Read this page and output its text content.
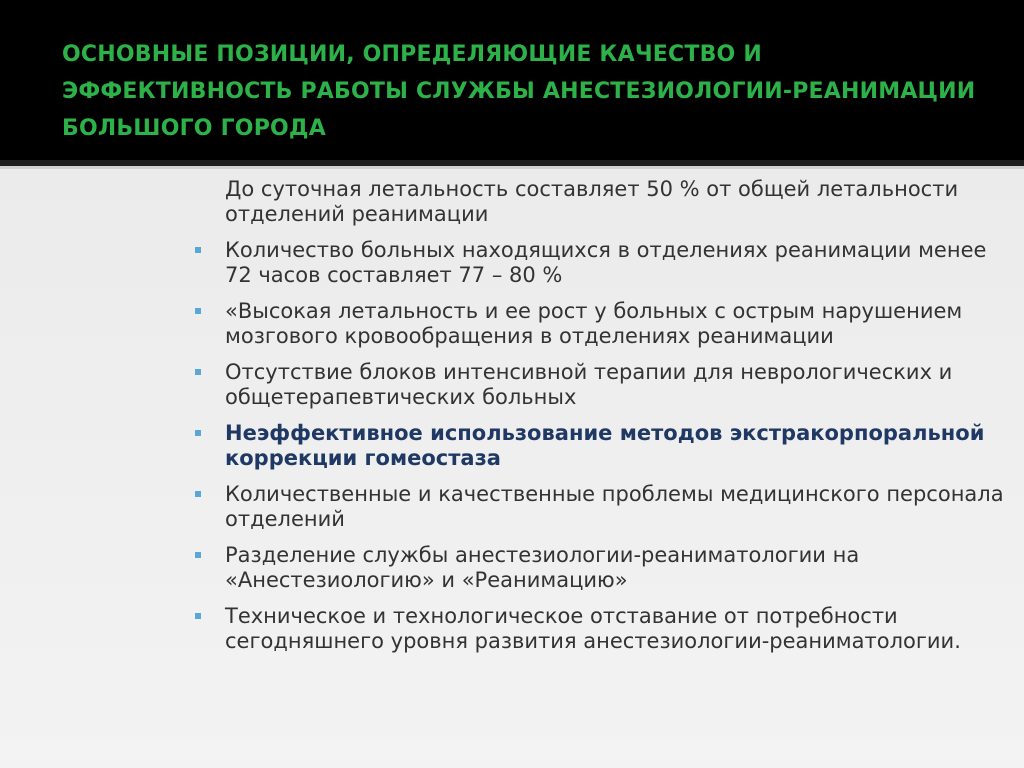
ОСНОВНЫЕ ПОЗИЦИИ, ОПРЕДЕЛЯЮЩИЕ КАЧЕСТВО И ЭФФЕКТИВНОСТЬ РАБОТЫ СЛУЖБЫ АНЕСТЕЗИОЛОГИИ-РЕАНИМАЦИИ БОЛЬШОГО ГОРОДА
До суточная летальность составляет 50 % от общей летальности отделений реанимации
Количество больных находящихся в отделениях реанимации менее 72 часов составляет 77 – 80 %
«Высокая летальность и ее рост у больных с острым нарушением мозгового кровообращения в отделениях реанимации
Отсутствие блоков интенсивной терапии для неврологических и общетерапевтических больных
Неэффективное использование методов экстракорпоральной коррекции гомеостаза
Количественные и качественные проблемы медицинского персонала отделений
Разделение службы анестезиологии-реаниматологии на «Анестезиологию» и «Реанимацию»
Техническое и технологическое отставание от потребности сегодняшнего уровня развития анестезиологии-реаниматологии.
